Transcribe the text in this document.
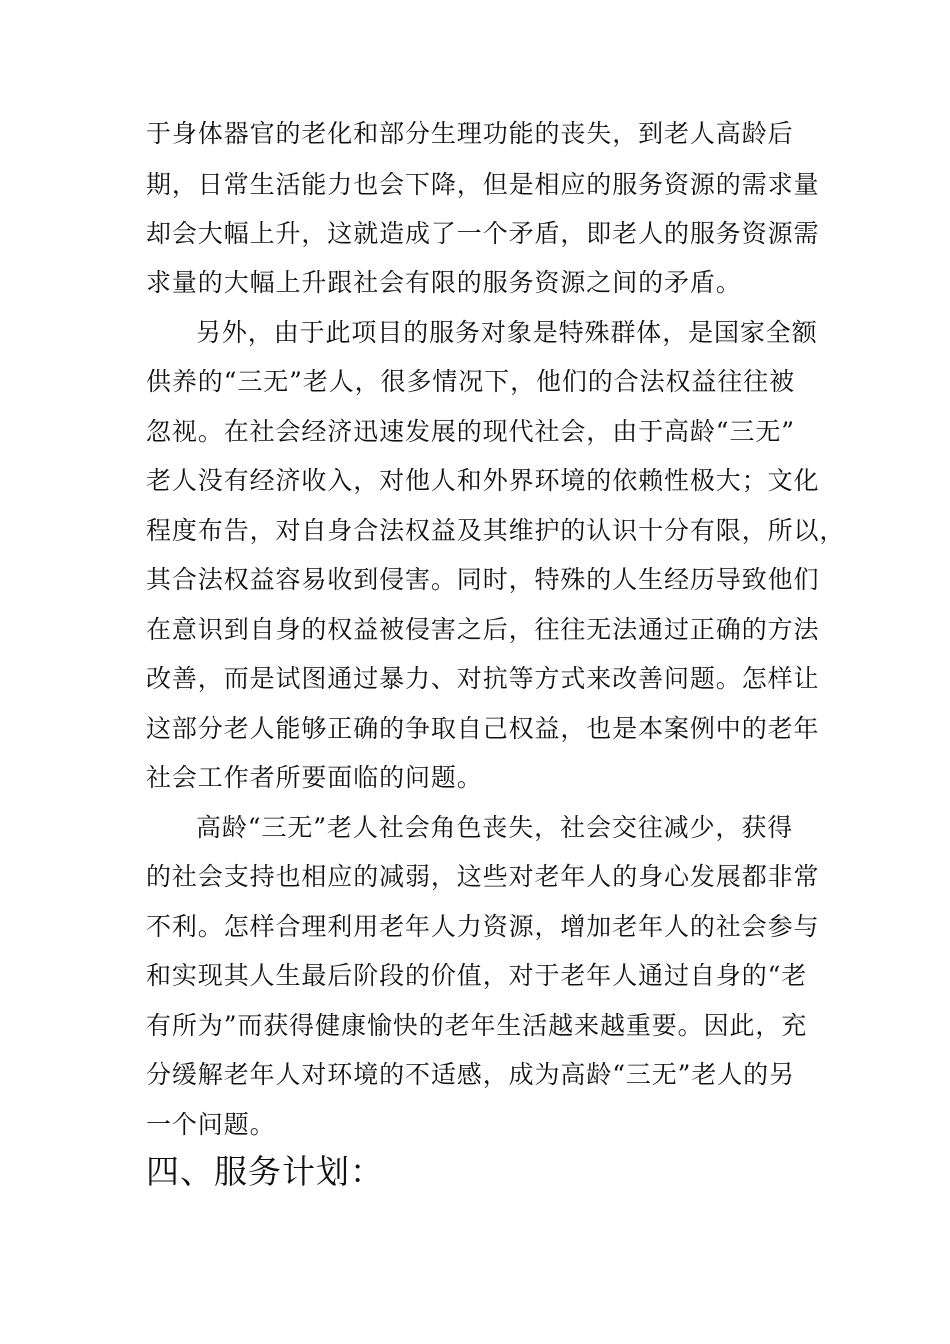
于身体器官的老化和部分生理功能的丧失，到老人高龄后
期，日常生活能力也会下降，但是相应的服务资源的需求量
却会大幅上升，这就造成了一个矛盾，即老人的服务资源需
求量的大幅上升跟社会有限的服务资源之间的矛盾。
另外，由于此项目的服务对象是特殊群体，是国家全额
供养的“三无”老人，很多情况下，他们的合法权益往往被
忽视。在社会经济迅速发展的现代社会，由于高龄“三无”
老人没有经济收入，对他人和外界环境的依赖性极大；文化
程度布告，对自身合法权益及其维护的认识十分有限，所以，
其合法权益容易收到侵害。同时，特殊的人生经历导致他们
在意识到自身的权益被侵害之后，往往无法通过正确的方法
改善，而是试图通过暴力、对抗等方式来改善问题。怎样让
这部分老人能够正确的争取自己权益，也是本案例中的老年
社会工作者所要面临的问题。
高龄“三无”老人社会角色丧失，社会交往减少，获得
的社会支持也相应的减弱，这些对老年人的身心发展都非常
不利。怎样合理利用老年人力资源，增加老年人的社会参与
和实现其人生最后阶段的价值，对于老年人通过自身的“老
有所为”而获得健康愉快的老年生活越来越重要。因此，充
分缓解老年人对环境的不适感，成为高龄“三无”老人的另
一个问题。
四、服务计划：
